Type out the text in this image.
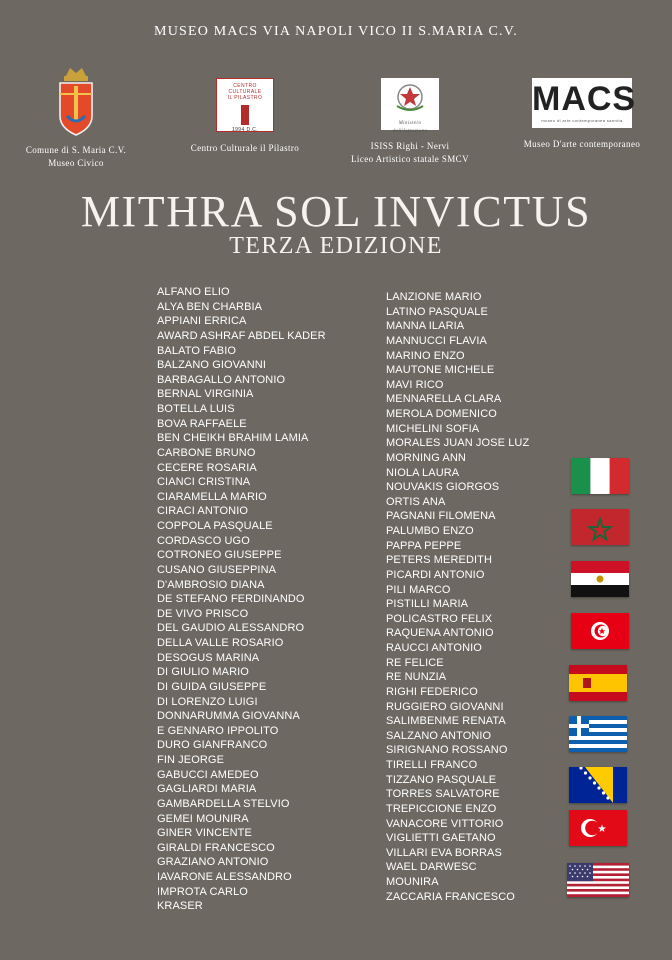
MUSEO MACS VIA NAPOLI VICO II S.MARIA C.V.
Comune di S. Maria C.V.
Museo Civico
CENTRO CULTURALE
IL PILASTRO
1994 D.C.
Centro Culturale il Pilastro
Ministero dell'Istruzione
ISISS Righi - Nervi
Liceo Artistico statale SMCV
MACS
museo di arte contemporanea sannita
Museo D'arte contemporaneo
MITHRA SOL INVICTUS
TERZA EDIZIONE
ALFANO ELIO
ALYA BEN CHARBIA
APPIANI ERRICA
AWARD ASHRAF ABDEL KADER
BALATO FABIO
BALZANO GIOVANNI
BARBAGALLO ANTONIO
BERNAL VIRGINIA
BOTELLA LUIS
BOVA RAFFAELE
BEN CHEIKH BRAHIM LAMIA
CARBONE BRUNO
CECERE ROSARIA
CIANCI CRISTINA
CIARAMELLA MARIO
CIRACI ANTONIO
COPPOLA PASQUALE
CORDASCO UGO
COTRONEO GIUSEPPE
CUSANO GIUSEPPINA
D'AMBROSIO DIANA
DE STEFANO FERDINANDO
DE VIVO PRISCO
DEL GAUDIO ALESSANDRO
DELLA VALLE ROSARIO
DESOGUS MARINA
DI GIULIO MARIO
DI GUIDA GIUSEPPE
DI LORENZO LUIGI
DONNARUMMA GIOVANNA
E GENNARO IPPOLITO
DURO GIANFRANCO
FIN JEORGE
GABUCCI AMEDEO
GAGLIARDI MARIA
GAMBARDELLA STELVIO
GEMEI MOUNIRA
GINER VINCENTE
GIRALDI FRANCESCO
GRAZIANO ANTONIO
IAVARONE ALESSANDRO
IMPROTA CARLO
KRASER
LANZIONE MARIO
LATINO PASQUALE
MANNA ILARIA
MANNUCCI FLAVIA
MARINO ENZO
MAUTONE MICHELE
MAVI RICO
MENNARELLA CLARA
MEROLA DOMENICO
MICHELINI SOFIA
MORALES JUAN JOSE LUZ
MORNING ANN
NIOLA LAURA
NOUVAKIS GIORGOS
ORTIS ANA
PAGNANI FILOMENA
PALUMBO ENZO
PAPPA PEPPE
PETERS MEREDITH
PICARDI ANTONIO
PILI MARCO
PISTILLI MARIA
POLICASTRO FELIX
RAQUENA ANTONIO
RAUCCI ANTONIO
RE FELICE
RE NUNZIA
RIGHI FEDERICO
RUGGIERO GIOVANNI
SALIMBENME RENATA
SALZANO ANTONIO
SIRIGNANO ROSSANO
TIRELLI FRANCO
TIZZANO PASQUALE
TORRES SALVATORE
TREPICCIONE ENZO
VANACORE VITTORIO
VIGLIETTI GAETANO
VILLARI EVA BORRAS
WAEL DARWESC
MOUNIRA
ZACCARIA FRANCESCO
